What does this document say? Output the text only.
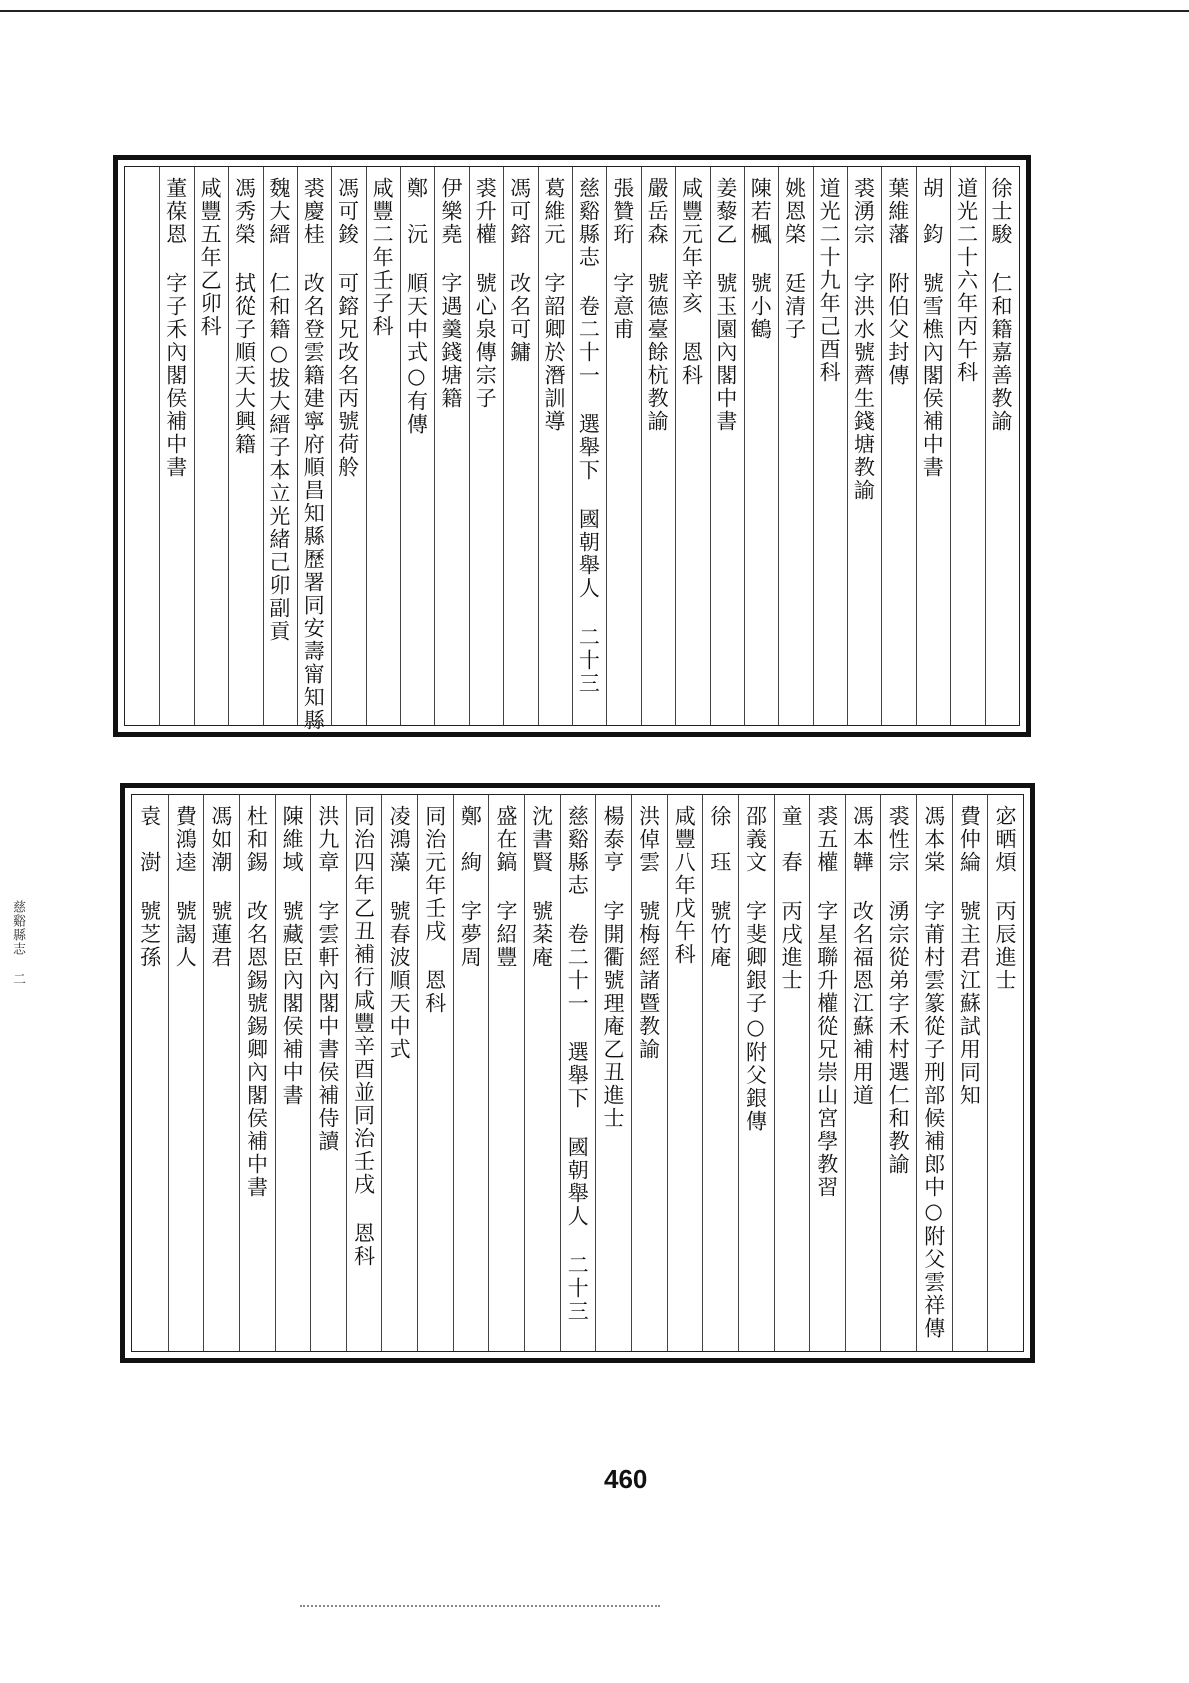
徐士駿 仁和籍嘉善教諭
道光二十六年丙午科
胡　鈞 號雪樵內閣侯補中書
葉維藩 附伯父封傳
裘湧宗 字洪水號薺生錢塘教諭
道光二十九年己酉科
姚恩棨 廷清子
陳若楓 號小鶴
姜藜乙 號玉園內閣中書
咸豐元年辛亥 恩科
嚴岳森 號德臺餘杭教諭
張贊珩 字意甫
慈谿縣志 卷二十一 選舉下 國朝舉人 二十三
葛維元 字韶卿於潛訓導
馮可鎔 改名可鏞
裘升權 號心泉傳宗子
伊樂堯 字遇羹錢塘籍
鄭　沅 順天中式○有傳
咸豐二年壬子科
馮可鋑 可鎔兄改名丙號荷舲
裘慶桂 改名登雲籍建寧府順昌知縣歷署同安壽甯知縣
魏大縉 仁和籍○拔大縉子本立光緒己卯副貢
馮秀榮 拭從子順天大興籍
咸豐五年乙卯科
董葆恩 字子禾內閣侯補中書
宓晒煩 丙辰進士
費仲綸 號主君江蘇試用同知
馮本棠 字莆村雲篆從子刑部候補郎中○附父雲祥傳
裘性宗 湧宗從弟字禾村選仁和教諭
馮本韡 改名福恩江蘇補用道
裘五權 字星聯升權從兄崇山宮學教習
童　春 丙戌進士
邵義文 字斐卿銀子○附父銀傳
徐　珏 號竹庵
咸豐八年戊午科
洪倬雲 號梅經諸暨教諭
楊泰亨 字開衢號理庵乙丑進士
慈谿縣志 卷二十一 選舉下 國朝舉人 二十三
沈書賢 號棻庵
盛在鎬 字紹豐
鄭　絢 字夢周
同治元年壬戌 恩科
凌鴻藻 號春波順天中式
同治四年乙丑補行咸豐辛酉並同治壬戌 恩科
洪九章 字雲軒內閣中書侯補侍讀
陳維域 號藏臣內閣侯補中書
杜和錫 改名恩錫號錫卿內閣侯補中書
馮如潮 號蓮君
費鴻逵 號謁人
袁　澍 號芝孫
460
慈谿縣志 二
